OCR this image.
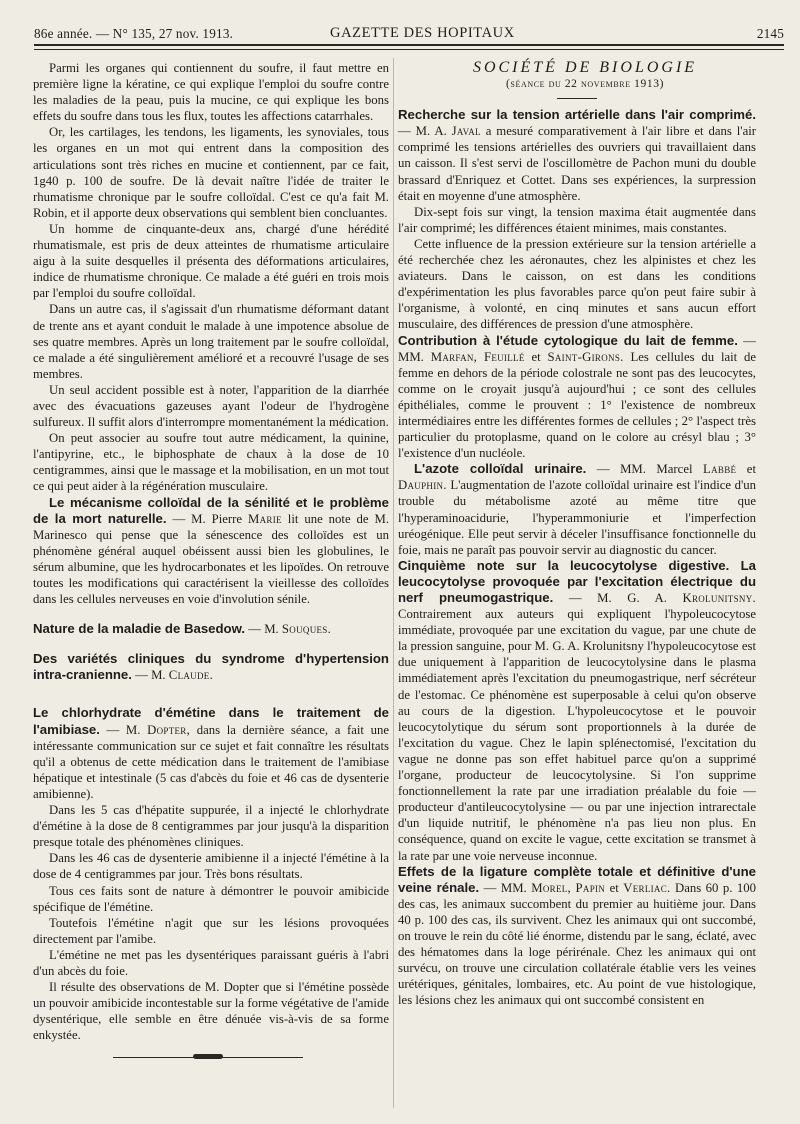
86e année. — N° 135, 27 nov. 1913.	GAZETTE DES HOPITAUX	2145

Parmi les organes qui contiennent du soufre, il faut mettre en première ligne la kératine, ce qui explique l'emploi du soufre contre les maladies de la peau, puis la mucine, ce qui explique les bons effets du soufre dans tous les flux, toutes les affections catarrhales.

Or, les cartilages, les tendons, les ligaments, les synoviales, tous les organes en un mot qui entrent dans la composition des articulations sont très riches en mucine et contiennent, par ce fait, 1g40 p. 100 de soufre. De là devait naître l'idée de traiter le rhumatisme chronique par le soufre colloïdal. C'est ce qu'a fait M. Robin, et il apporte deux observations qui semblent bien concluantes.

Un homme de cinquante-deux ans, chargé d'une hérédité rhumatismale, est pris de deux atteintes de rhumatisme articulaire aigu à la suite desquelles il présenta des déformations articulaires, indice de rhumatisme chronique. Ce malade a été guéri en trois mois par l'emploi du soufre colloïdal.

Dans un autre cas, il s'agissait d'un rhumatisme déformant datant de trente ans et ayant conduit le malade à une impotence absolue de ses quatre membres. Après un long traitement par le soufre colloïdal, ce malade a été singulièrement amélioré et a recouvré l'usage de ses membres.

Un seul accident possible est à noter, l'apparition de la diarrhée avec des évacuations gazeuses ayant l'odeur de l'hydrogène sulfureux. Il suffit alors d'interrompre momentanément la médication.

On peut associer au soufre tout autre médicament, la quinine, l'antipyrine, etc., le biphosphate de chaux à la dose de 10 centigrammes, ainsi que le massage et la mobilisation, en un mot tout ce qui peut aider à la régénération musculaire.

Le mécanisme colloïdal de la sénilité et le problème de la mort naturelle. — M. Pierre Marie lit une note de M. Marinesco qui pense que la sénescence des colloïdes est un phénomène général auquel obéissent aussi bien les globulines, le sérum albumine, que les hydrocarbonates et les lipoïdes. On retrouve toutes les modifications qui caractérisent la vieillesse des colloïdes dans les cellules nerveuses en voie d'involution sénile.

Nature de la maladie de Basedow. — M. Souques.

Des variétés cliniques du syndrome d'hypertension intra-cranienne. — M. Claude.

Le chlorhydrate d'émétine dans le traitement de l'amibiase. — M. Dopter, dans la dernière séance, a fait une intéressante communication sur ce sujet et fait connaître les résultats qu'il a obtenus de cette médication dans le traitement de l'amibiase hépatique et intestinale (5 cas d'abcès du foie et 46 cas de dysenterie amibienne).

Dans les 5 cas d'hépatite suppurée, il a injecté le chlorhydrate d'émétine à la dose de 8 centigrammes par jour jusqu'à la disparition presque totale des phénomènes cliniques.

Dans les 46 cas de dysenterie amibienne il a injecté l'émétine à la dose de 4 centigrammes par jour. Très bons résultats.

Tous ces faits sont de nature à démontrer le pouvoir amibicide spécifique de l'émétine.

Toutefois l'émétine n'agit que sur les lésions provoquées directement par l'amibe.

L'émétine ne met pas les dysentériques paraissant guéris à l'abri d'un abcès du foie.

Il résulte des observations de M. Dopter que si l'émétine possède un pouvoir amibicide incontestable sur la forme végétative de l'amide dysentérique, elle semble en être dénuée vis-à-vis de sa forme enkystée.

SOCIÉTÉ DE BIOLOGIE

(séance du 22 novembre 1913)

Recherche sur la tension artérielle dans l'air comprimé. — M. A. Javal a mesuré comparativement à l'air libre et dans l'air comprimé les tensions artérielles des ouvriers qui travaillaient dans un caisson. Il s'est servi de l'oscillomètre de Pachon muni du double brassard d'Enriquez et Cottet. Dans ses expériences, la surpression était en moyenne d'une atmosphère.

Dix-sept fois sur vingt, la tension maxima était augmentée dans l'air comprimé; les différences étaient minimes, mais constantes.

Cette influence de la pression extérieure sur la tension artérielle a été recherchée chez les aéronautes, chez les alpinistes et chez les aviateurs. Dans le caisson, on est dans les conditions d'expérimentation les plus favorables parce qu'on peut faire subir à l'organisme, à volonté, en cinq minutes et sans aucun effort musculaire, des différences de pression d'une atmosphère.

Contribution à l'étude cytologique du lait de femme. — MM. Marfan, Feuillé et Saint-Girons. Les cellules du lait de femme en dehors de la période colostrale ne sont pas des leucocytes, comme on le croyait jusqu'à aujourd'hui ; ce sont des cellules épithéliales, comme le prouvent : 1° l'existence de nombreux intermédiaires entre les différentes formes de cellules ; 2° l'aspect très particulier du protoplasme, quand on le colore au crésyl blau ; 3° l'existence d'un nucléole.

L'azote colloïdal urinaire. — MM. Marcel Labbé et Dauphin. L'augmentation de l'azote colloïdal urinaire est l'indice d'un trouble du métabolisme azoté au même titre que l'hyperaminoacidurie, l'hyperammoniurie et l'imperfection uréogénique. Elle peut servir à déceler l'insuffisance fonctionnelle du foie, mais ne paraît pas pouvoir servir au diagnostic du cancer.

Cinquième note sur la leucocytolyse digestive. La leucocytolyse provoquée par l'excitation électrique du nerf pneumogastrique. — M. G. A. Krolunitsny. Contrairement aux auteurs qui expliquent l'hypoleucocytose immédiate, provoquée par une excitation du vague, par une chute de la pression sanguine, pour M. G. A. Krolunitsny l'hypoleucocytose est due uniquement à l'apparition de leucocytolysine dans le plasma immédiatement après l'excitation du pneumogastrique, nerf sécréteur de l'estomac. Ce phénomène est superposable à celui qu'on observe au cours de la digestion. L'hypoleucocytose et le pouvoir leucocytolytique du sérum sont proportionnels à la durée de l'excitation du vague. Chez le lapin splénectomisé, l'excitation du vague ne donne pas son effet habituel parce qu'on a supprimé l'organe, producteur de leucocytolysine. Si l'on supprime fonctionnellement la rate par une irradiation préalable du foie — producteur d'antileucocytolysine — ou par une injection intrarectale d'un liquide nutritif, le phénomène n'a pas lieu non plus. En conséquence, quand on excite le vague, cette excitation se transmet à la rate par une voie nerveuse inconnue.

Effets de la ligature complète totale et définitive d'une veine rénale. — MM. Morel, Papin et Verliac. Dans 60 p. 100 des cas, les animaux succombent du premier au huitième jour. Dans 40 p. 100 des cas, ils survivent. Chez les animaux qui ont succombé, on trouve le rein du côté lié énorme, distendu par le sang, éclaté, avec des hématomes dans la loge périrénale. Chez les animaux qui ont survécu, on trouve une circulation collatérale établie vers les veines urétériques, génitales, lombaires, etc. Au point de vue histologique, les lésions chez les animaux qui ont succombé consistent en
